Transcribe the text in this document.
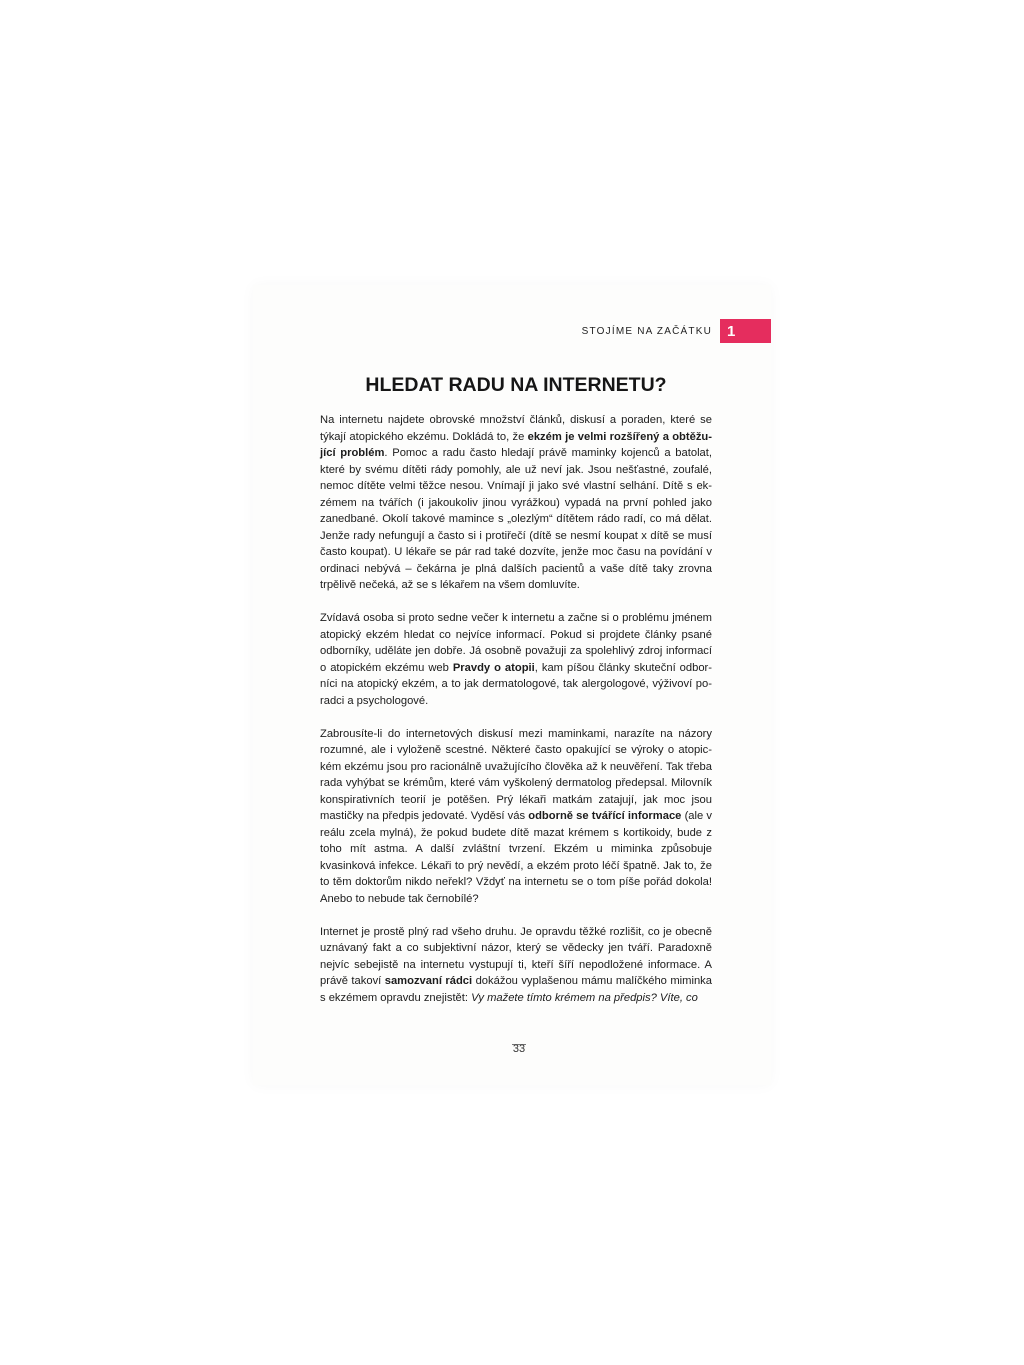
STOJÍME NA ZAČÁTKU	1
HLEDAT RADU NA INTERNETU?

Na internetu najdete obrovské množství článků, diskusí a poraden, které se týkají atopického ekzému. Dokládá to, že ekzém je velmi rozšířený a obtěžující problém. Pomoc a radu často hledají právě maminky kojenců a batolat, které by svému dítěti rády pomohly, ale už neví jak. Jsou nešťastné, zoufalé, nemoc dítěte velmi těžce nesou. Vnímají ji jako své vlastní selhání. Dítě s ekzémem na tvářích (i jakoukoliv jinou vyrážkou) vypadá na první pohled jako zanedbané. Okolí takové mamince s „olezlým“ dítětem rádo radí, co má dělat. Jenže rady nefungují a často si i protiřečí (dítě se nesmí koupat x dítě se musí často koupat). U lékaře se pár rad také dozvíte, jenže moc času na povídání v ordinaci nebývá – čekárna je plná dalších pacientů a vaše dítě taky zrovna trpělivě nečeká, až se s lékařem na všem domluvíte.

Zvídavá osoba si proto sedne večer k internetu a začne si o problému jménem atopický ekzém hledat co nejvíce informací. Pokud si projdete články psané odborníky, uděláte jen dobře. Já osobně považuji za spolehlivý zdroj informací o atopickém ekzému web Pravdy o atopii, kam píšou články skuteční odborníci na atopický ekzém, a to jak dermatologové, tak alergologové, výživoví poradci a psychologové.

Zabrousíte-li do internetových diskusí mezi maminkami, narazíte na názory rozumné, ale i vyloženě scestné. Některé často opakující se výroky o atopickém ekzému jsou pro racionálně uvažujícího člověka až k neuvěření. Tak třeba rada vyhýbat se krémům, které vám vyškolený dermatolog předepsal. Milovník konspirativních teorií je potěšen. Prý lékaři matkám zatajují, jak moc jsou mastičky na předpis jedovaté. Vyděsí vás odborně se tvářící informace (ale v reálu zcela mylná), že pokud budete dítě mazat krémem s kortikoidy, bude z toho mít astma. A další zvláštní tvrzení. Ekzém u miminka způsobuje kvasinková infekce. Lékaři to prý nevědí, a ekzém proto léčí špatně. Jak to, že to těm doktorům nikdo neřekl? Vždyť na internetu se o tom píše pořád dokola! Anebo to nebude tak černobílé?

Internet je prostě plný rad všeho druhu. Je opravdu těžké rozlišit, co je obecně uznávaný fakt a co subjektivní názor, který se vědecky jen tváří. Paradoxně nejvíc sebejistě na internetu vystupují ti, kteří šíří nepodložené informace. A právě takoví samozvaní rádci dokážou vyplašenou mámu malíčkého miminka s ekzémem opravdu znejistět: Vy mažete tímto krémem na předpis? Víte, co

33
